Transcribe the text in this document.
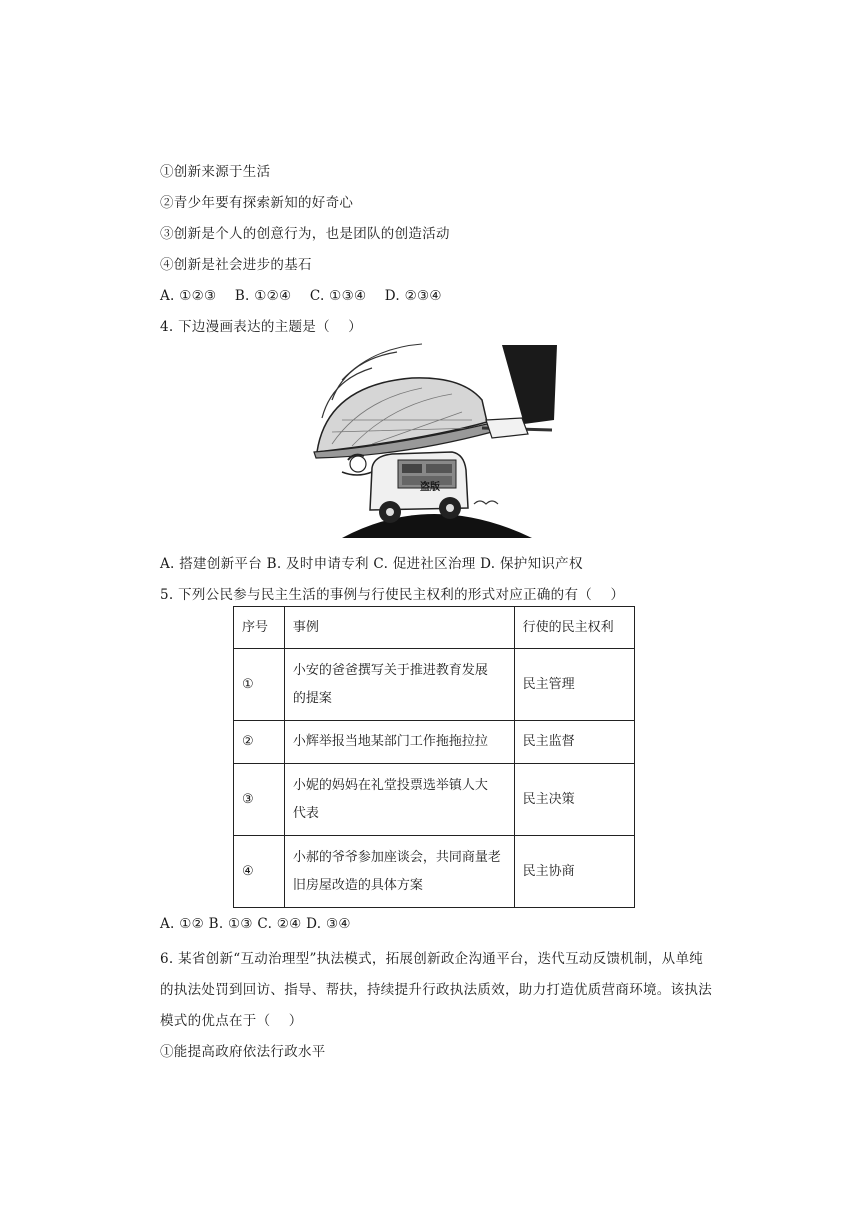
①创新来源于生活
②青少年要有探索新知的好奇心
③创新是个人的创意行为，也是团队的创造活动
④创新是社会进步的基石
A. ①②③　 B. ①②④　 C. ①③④　 D. ②③④
4. 下边漫画表达的主题是（　 ）
盗版
A. 搭建创新平台 B. 及时申请专利 C. 促进社区治理 D. 保护知识产权
5. 下列公民参与民主生活的事例与行使民主权利的形式对应正确的有（　 ）
序号	事例	行使的民主权利
①	小安的爸爸撰写关于推进教育发展
的提案	民主管理
②	小辉举报当地某部门工作拖拖拉拉	民主监督
③	小妮的妈妈在礼堂投票选举镇人大
代表	民主决策
④	小郝的爷爷参加座谈会，共同商量老
旧房屋改造的具体方案	民主协商
A. ①② B. ①③ C. ②④ D. ③④
6. 某省创新“互动治理型”执法模式，拓展创新政企沟通平台，迭代互动反馈机制，从单纯
的执法处罚到回访、指导、帮扶，持续提升行政执法质效，助力打造优质营商环境。该执法
模式的优点在于（　 ）
①能提高政府依法行政水平
